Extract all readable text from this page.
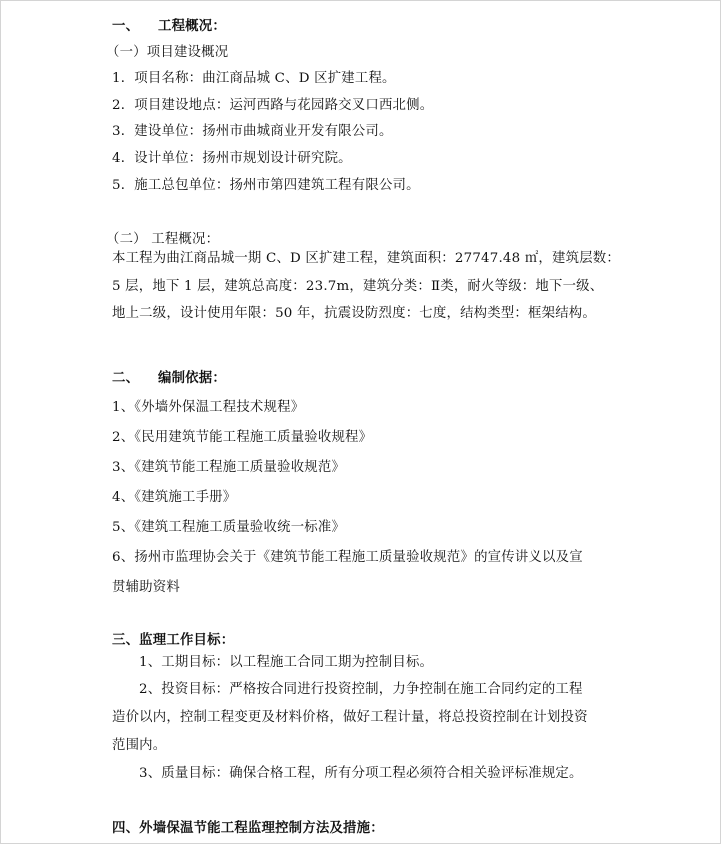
一、 工程概况：
（一）项目建设概况
1．项目名称：曲江商品城 C、D 区扩建工程。
2．项目建设地点：运河西路与花园路交叉口西北侧。
3．建设单位：扬州市曲城商业开发有限公司。
4．设计单位：扬州市规划设计研究院。
5．施工总包单位：扬州市第四建筑工程有限公司。
（二） 工程概况：
本工程为曲江商品城一期 C、D 区扩建工程，建筑面积：27747.48 ㎡，建筑层数：
5 层，地下 1 层，建筑总高度：23.7m，建筑分类：Ⅱ类，耐火等级：地下一级、
地上二级，设计使用年限：50 年，抗震设防烈度：七度，结构类型：框架结构。
二、 编制依据：
1、《外墙外保温工程技术规程》
2、《民用建筑节能工程施工质量验收规程》
3、《建筑节能工程施工质量验收规范》
4、《建筑施工手册》
5、《建筑工程施工质量验收统一标准》
6、扬州市监理协会关于《建筑节能工程施工质量验收规范》的宣传讲义以及宣
贯辅助资料
三、监理工作目标：
1、工期目标：以工程施工合同工期为控制目标。
2、投资目标：严格按合同进行投资控制，力争控制在施工合同约定的工程
造价以内，控制工程变更及材料价格，做好工程计量，将总投资控制在计划投资
范围内。
3、质量目标：确保合格工程，所有分项工程必须符合相关验评标准规定。
四、外墙保温节能工程监理控制方法及措施：
